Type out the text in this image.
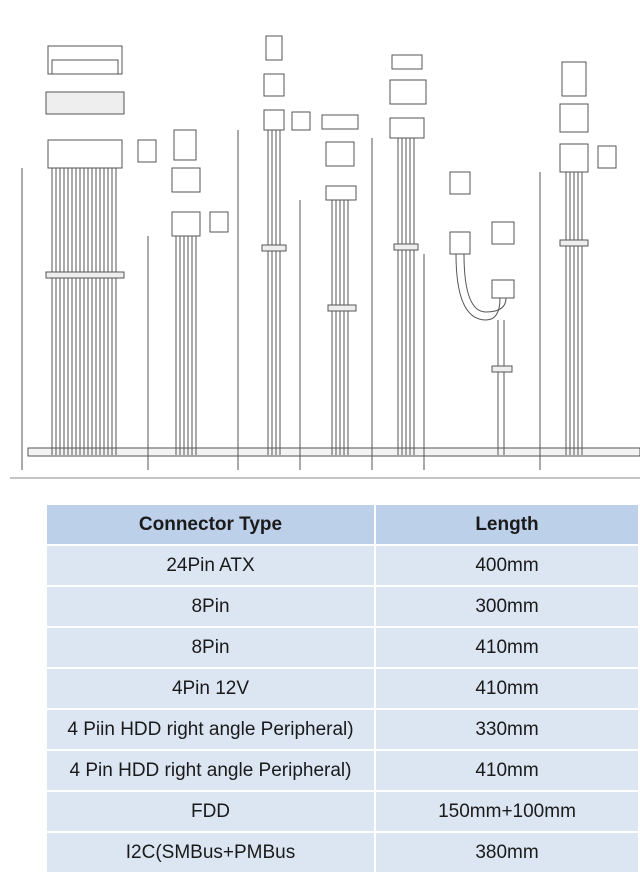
Connector Type	Length
24Pin ATX	400mm
8Pin	300mm
8Pin	410mm
4Pin 12V	410mm
4 Piin HDD right angle Peripheral)	330mm
4 Pin HDD right angle Peripheral)	410mm
FDD	150mm+100mm
I2C(SMBus+PMBus	380mm
